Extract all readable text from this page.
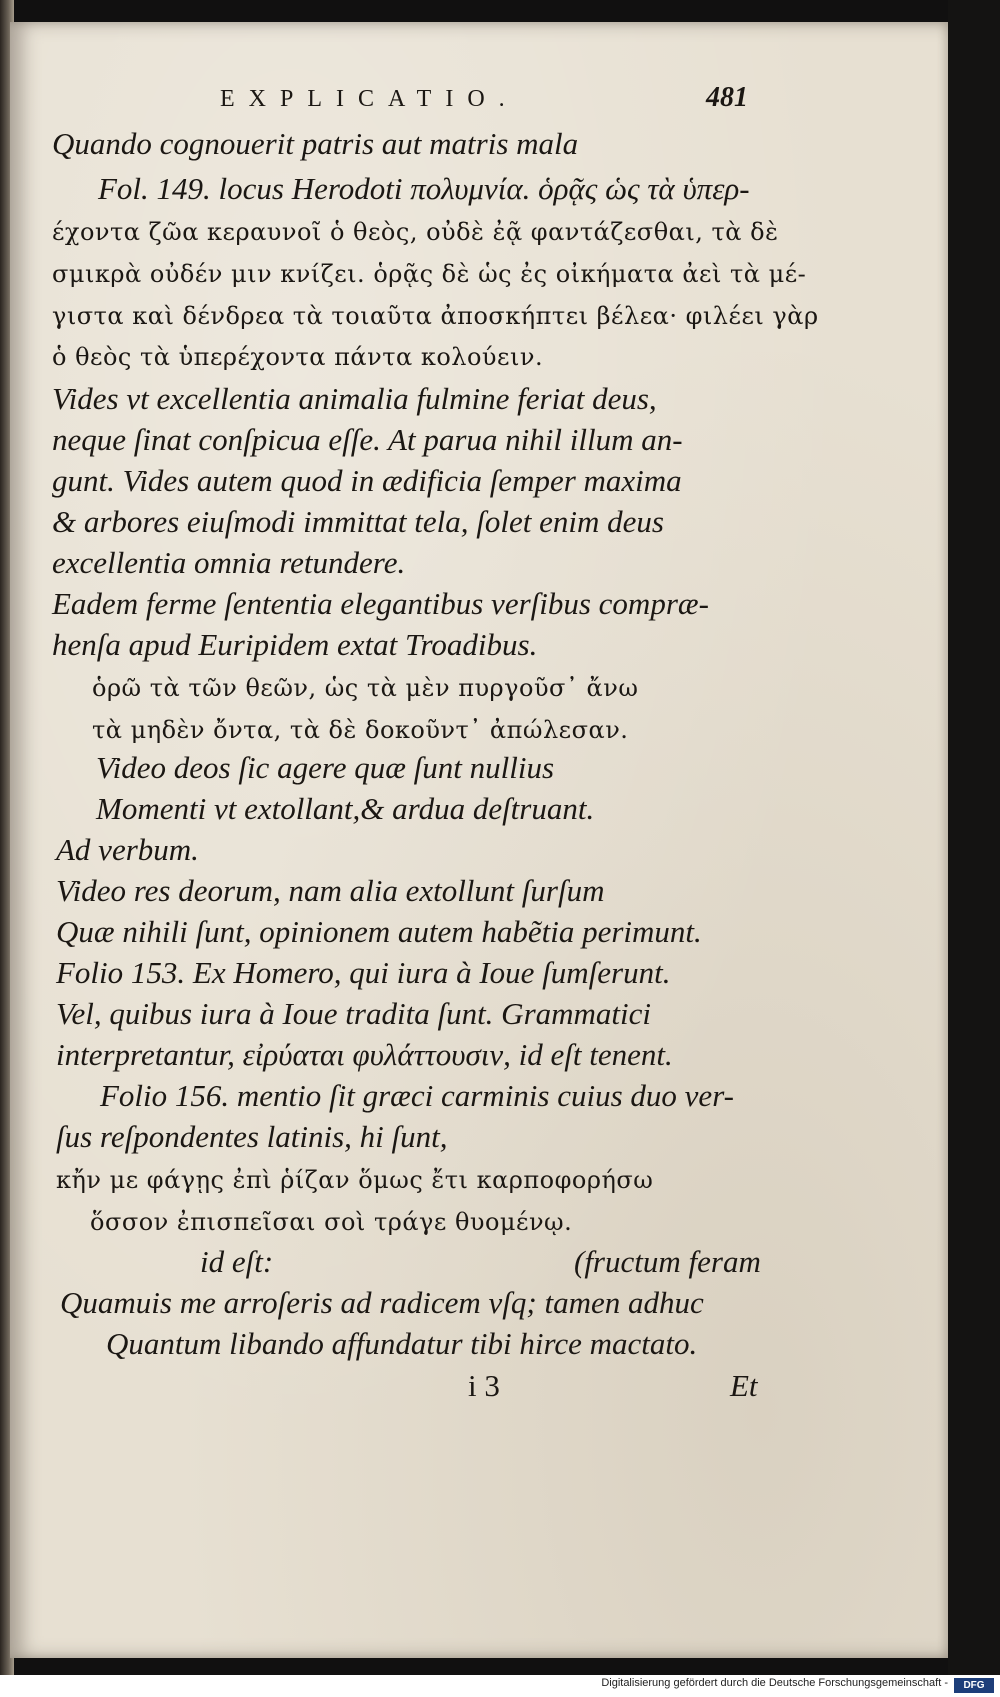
EXPLICATIO.	481
Quando cognouerit patris aut matris mala
Fol. 149. locus Herodoti πολυμνία. ὁρᾷς ὡς τὰ ὑπερ-
έχοντα ζῶα κεραυνοῖ ὁ θεὸς, οὐδὲ ἐᾷ φαντάζεσθαι, τὰ δὲ
σμικρὰ οὐδέν μιν κνίζει. ὁρᾷς δὲ ὡς ἐς οἰκήματα ἀεὶ τὰ μέ-
γιστα καὶ δένδρεα τὰ τοιαῦτα ἀποσκήπτει βέλεα· φιλέει γὰρ
ὁ θεὸς τὰ ὑπερέχοντα πάντα κολούειν.
Vides vt excellentia animalia fulmine feriat deus,
neque ſinat conſpicua eſſe. At parua nihil illum an-
gunt. Vides autem quod in ædificia ſemper maxima
& arbores eiuſmodi immittat tela, ſolet enim deus
excellentia omnia retundere.
Eadem ferme ſententia elegantibus verſibus compræ-
henſa apud Euripidem extat Troadibus.
ὁρῶ τὰ τῶν θεῶν, ὡς τὰ μὲν πυργοῦσ᾽ ἄνω
τὰ μηδὲν ὄντα, τὰ δὲ δοκοῦντ᾽ ἀπώλεσαν.
Video deos ſic agere quæ ſunt nullius
Momenti vt extollant,& ardua deſtruant.
Ad verbum.
Video res deorum, nam alia extollunt ſurſum
Quæ nihili ſunt, opinionem autem habẽtia perimunt.
Folio 153. Ex Homero, qui iura à Ioue ſumſerunt.
Vel, quibus iura à Ioue tradita ſunt. Grammatici
interpretantur, εἰρύαται φυλάττουσιν, id eſt tenent.
Folio 156. mentio ſit græci carminis cuius duo ver-
ſus reſpondentes latinis, hi ſunt,
κἤν με φάγῃς ἐπὶ ῥίζαν ὅμως ἔτι καρποφορήσω
ὅσσον ἐπισπεῖσαι σοὶ τράγε θυομένῳ.
id eſt:	(fructum feram
Quamuis me arroſeris ad radicem vſq; tamen adhuc
Quantum libando affundatur tibi hirce mactato.
i 3	Et
Digitalisierung gefördert durch die Deutsche Forschungsgemeinschaft -	DFG
